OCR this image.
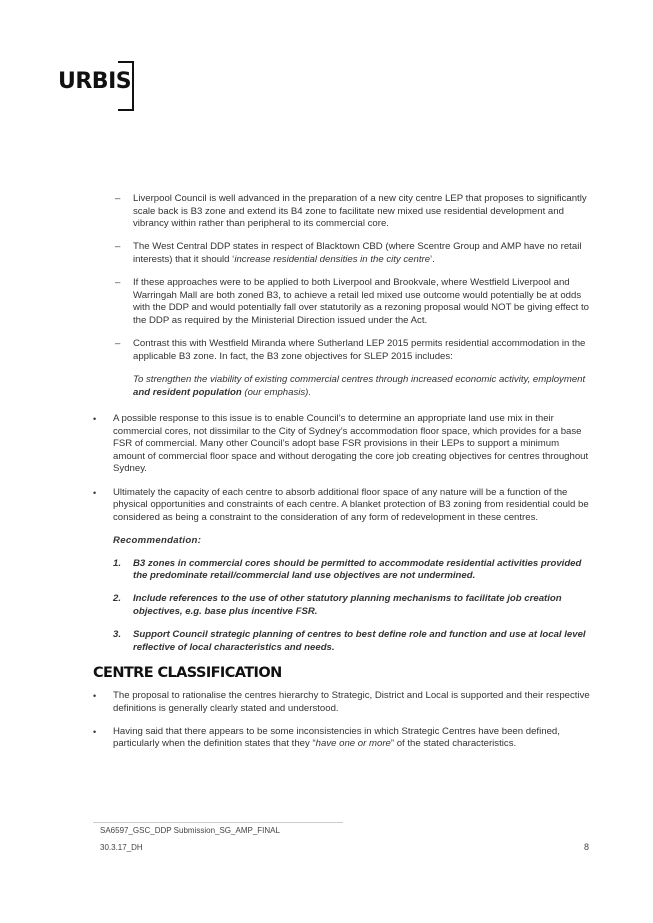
URBIS
– Liverpool Council is well advanced in the preparation of a new city centre LEP that proposes to significantly scale back is B3 zone and extend its B4 zone to facilitate new mixed use residential development and vibrancy within rather than peripheral to its commercial core.
– The West Central DDP states in respect of Blacktown CBD (where Scentre Group and AMP have no retail interests) that it should ‘increase residential densities in the city centre’.
– If these approaches were to be applied to both Liverpool and Brookvale, where Westfield Liverpool and Warringah Mall are both zoned B3, to achieve a retail led mixed use outcome would potentially be at odds with the DDP and would potentially fall over statutorily as a rezoning proposal would NOT be giving effect to the DDP as required by the Ministerial Direction issued under the Act.
– Contrast this with Westfield Miranda where Sutherland LEP 2015 permits residential accommodation in the applicable B3 zone. In fact, the B3 zone objectives for SLEP 2015 includes:
To strengthen the viability of existing commercial centres through increased economic activity, employment and resident population (our emphasis).
• A possible response to this issue is to enable Council’s to determine an appropriate land use mix in their commercial cores, not dissimilar to the City of Sydney’s accommodation floor space, which provides for a base FSR of commercial. Many other Council’s adopt base FSR provisions in their LEPs to support a minimum amount of commercial floor space and without derogating the core job creating objectives for centres throughout Sydney.
• Ultimately the capacity of each centre to absorb additional floor space of any nature will be a function of the physical opportunities and constraints of each centre. A blanket protection of B3 zoning from residential could be considered as being a constraint to the consideration of any form of redevelopment in these centres.
Recommendation:
1. B3 zones in commercial cores should be permitted to accommodate residential activities provided the predominate retail/commercial land use objectives are not undermined.
2. Include references to the use of other statutory planning mechanisms to facilitate job creation objectives, e.g. base plus incentive FSR.
3. Support Council strategic planning of centres to best define role and function and use at local level reflective of local characteristics and needs.
CENTRE CLASSIFICATION
• The proposal to rationalise the centres hierarchy to Strategic, District and Local is supported and their respective definitions is generally clearly stated and understood.
• Having said that there appears to be some inconsistencies in which Strategic Centres have been defined, particularly when the definition states that they “have one or more” of the stated characteristics.
SA6597_GSC_DDP Submission_SG_AMP_FINAL
30.3.17_DH	8
